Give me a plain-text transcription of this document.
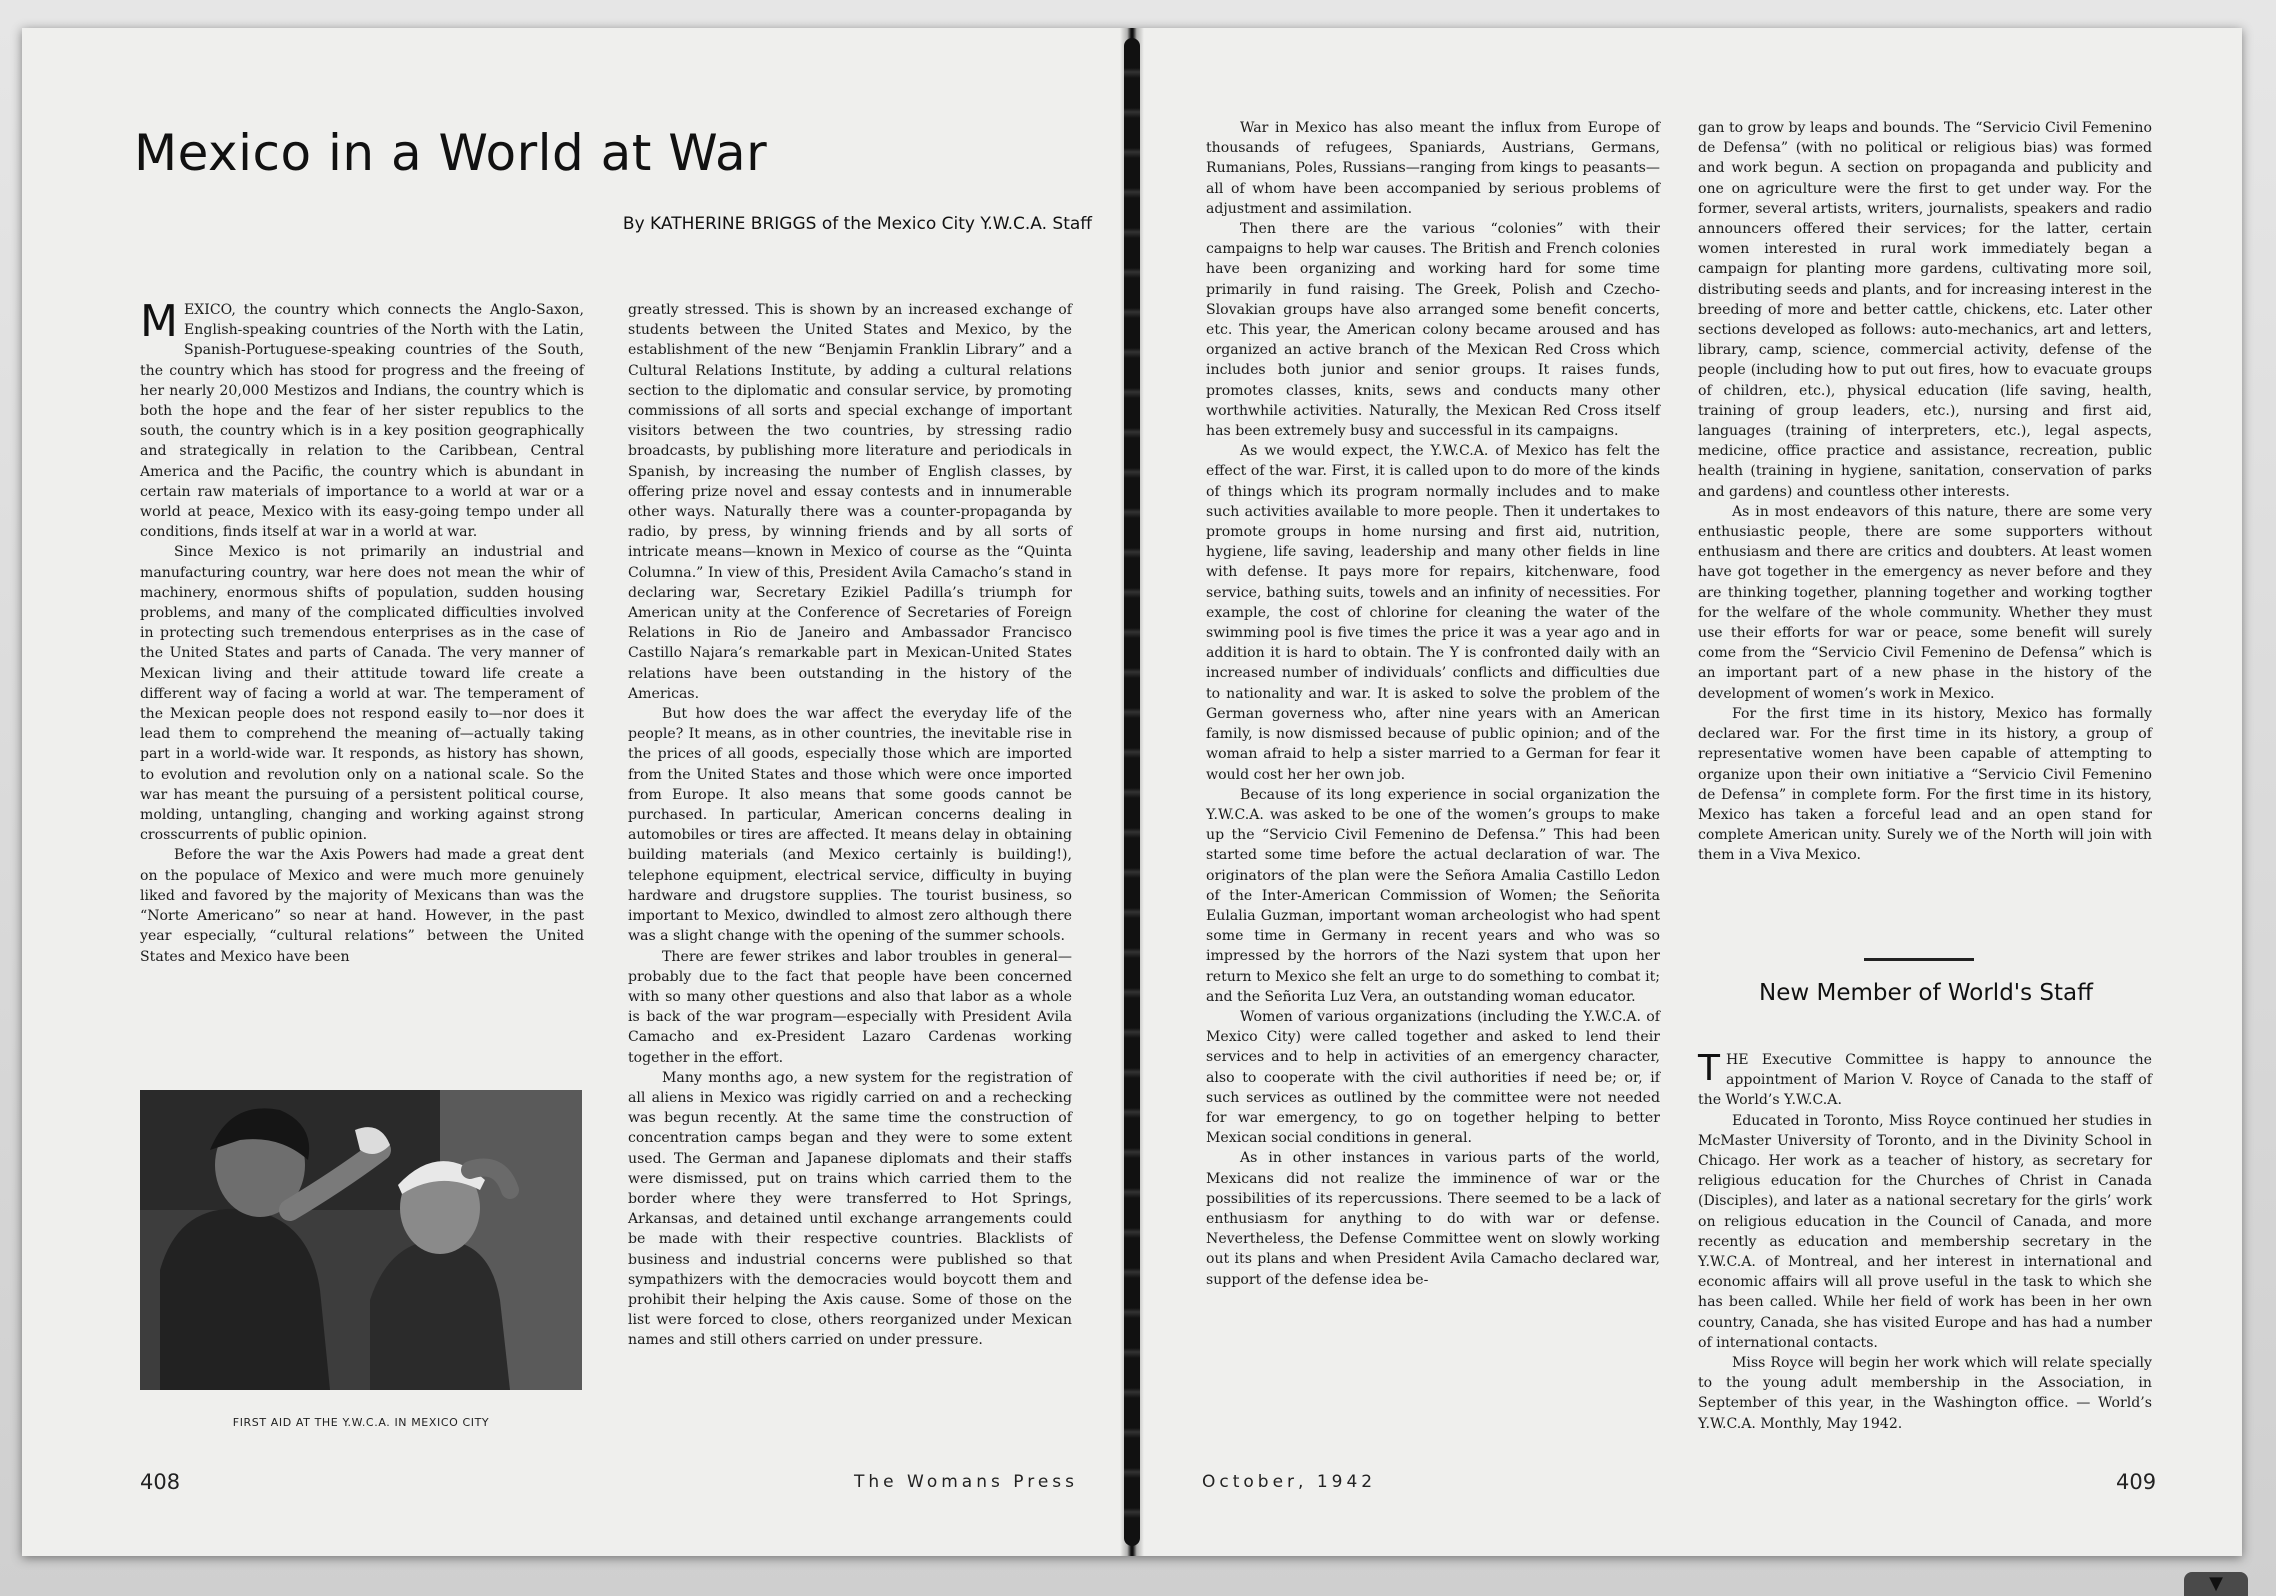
Mexico in a World at War

By KATHERINE BRIGGS of the Mexico City Y.W.C.A. Staff

MEXICO, the country which connects the Anglo-Saxon, English-speaking countries of the North with the Latin, Spanish-Portuguese-speaking countries of the South, the country which has stood for progress and the freeing of her nearly 20,000 Mestizos and Indians, the country which is both the hope and the fear of her sister republics to the south, the country which is in a key position geographically and strategically in relation to the Caribbean, Central America and the Pacific, the country which is abundant in certain raw materials of importance to a world at war or a world at peace, Mexico with its easy-going tempo under all conditions, finds itself at war in a world at war.

Since Mexico is not primarily an industrial and manufacturing country, war here does not mean the whir of machinery, enormous shifts of population, sudden housing problems, and many of the complicated difficulties involved in protecting such tremendous enterprises as in the case of the United States and parts of Canada. The very manner of Mexican living and their attitude toward life create a different way of facing a world at war. The temperament of the Mexican people does not respond easily to—nor does it lead them to comprehend the meaning of—actually taking part in a world-wide war. It responds, as history has shown, to evolution and revolution only on a national scale. So the war has meant the pursuing of a persistent political course, molding, untangling, changing and working against strong crosscurrents of public opinion.

Before the war the Axis Powers had made a great dent on the populace of Mexico and were much more genuinely liked and favored by the majority of Mexicans than was the “Norte Americano” so near at hand. However, in the past year especially, “cultural relations” between the United States and Mexico have been

FIRST AID AT THE Y.W.C.A. IN MEXICO CITY

greatly stressed. This is shown by an increased exchange of students between the United States and Mexico, by the establishment of the new “Benjamin Franklin Library” and a Cultural Relations Institute, by adding a cultural relations section to the diplomatic and consular service, by promoting commissions of all sorts and special exchange of important visitors between the two countries, by stressing radio broadcasts, by publishing more literature and periodicals in Spanish, by increasing the number of English classes, by offering prize novel and essay contests and in innumerable other ways. Naturally there was a counter-propaganda by radio, by press, by winning friends and by all sorts of intricate means—known in Mexico of course as the “Quinta Columna.” In view of this, President Avila Camacho’s stand in declaring war, Secretary Ezikiel Padilla’s triumph for American unity at the Conference of Secretaries of Foreign Relations in Rio de Janeiro and Ambassador Francisco Castillo Najara’s remarkable part in Mexican-United States relations have been outstanding in the history of the Americas.

But how does the war affect the everyday life of the people? It means, as in other countries, the inevitable rise in the prices of all goods, especially those which are imported from the United States and those which were once imported from Europe. It also means that some goods cannot be purchased. In particular, American concerns dealing in automobiles or tires are affected. It means delay in obtaining building materials (and Mexico certainly is building!), telephone equipment, electrical service, difficulty in buying hardware and drugstore supplies. The tourist business, so important to Mexico, dwindled to almost zero although there was a slight change with the opening of the summer schools.

There are fewer strikes and labor troubles in general—probably due to the fact that people have been concerned with so many other questions and also that labor as a whole is back of the war program—especially with President Avila Camacho and ex-President Lazaro Cardenas working together in the effort.

Many months ago, a new system for the registration of all aliens in Mexico was rigidly carried on and a rechecking was begun recently. At the same time the construction of concentration camps began and they were to some extent used. The German and Japanese diplomats and their staffs were dismissed, put on trains which carried them to the border where they were transferred to Hot Springs, Arkansas, and detained until exchange arrangements could be made with their respective countries. Blacklists of business and industrial concerns were published so that sympathizers with the democracies would boycott them and prohibit their helping the Axis cause. Some of those on the list were forced to close, others reorganized under Mexican names and still others carried on under pressure.

408	The Womans Press

War in Mexico has also meant the influx from Europe of thousands of refugees, Spaniards, Austrians, Germans, Rumanians, Poles, Russians—ranging from kings to peasants—all of whom have been accompanied by serious problems of adjustment and assimilation.

Then there are the various “colonies” with their campaigns to help war causes. The British and French colonies have been organizing and working hard for some time primarily in fund raising. The Greek, Polish and Czecho-Slovakian groups have also arranged some benefit concerts, etc. This year, the American colony became aroused and has organized an active branch of the Mexican Red Cross which includes both junior and senior groups. It raises funds, promotes classes, knits, sews and conducts many other worthwhile activities. Naturally, the Mexican Red Cross itself has been extremely busy and successful in its campaigns.

As we would expect, the Y.W.C.A. of Mexico has felt the effect of the war. First, it is called upon to do more of the kinds of things which its program normally includes and to make such activities available to more people. Then it undertakes to promote groups in home nursing and first aid, nutrition, hygiene, life saving, leadership and many other fields in line with defense. It pays more for repairs, kitchenware, food service, bathing suits, towels and an infinity of necessities. For example, the cost of chlorine for cleaning the water of the swimming pool is five times the price it was a year ago and in addition it is hard to obtain. The Y is confronted daily with an increased number of individuals’ conflicts and difficulties due to nationality and war. It is asked to solve the problem of the German governess who, after nine years with an American family, is now dismissed because of public opinion; and of the woman afraid to help a sister married to a German for fear it would cost her her own job.

Because of its long experience in social organization the Y.W.C.A. was asked to be one of the women’s groups to make up the “Servicio Civil Femenino de Defensa.” This had been started some time before the actual declaration of war. The originators of the plan were the Señora Amalia Castillo Ledon of the Inter-American Commission of Women; the Señorita Eulalia Guzman, important woman archeologist who had spent some time in Germany in recent years and who was so impressed by the horrors of the Nazi system that upon her return to Mexico she felt an urge to do something to combat it; and the Señorita Luz Vera, an outstanding woman educator.

Women of various organizations (including the Y.W.C.A. of Mexico City) were called together and asked to lend their services and to help in activities of an emergency character, also to cooperate with the civil authorities if need be; or, if such services as outlined by the committee were not needed for war emergency, to go on together helping to better Mexican social conditions in general.

As in other instances in various parts of the world, Mexicans did not realize the imminence of war or the possibilities of its repercussions. There seemed to be a lack of enthusiasm for anything to do with war or defense. Nevertheless, the Defense Committee went on slowly working out its plans and when President Avila Camacho declared war, support of the defense idea be-

gan to grow by leaps and bounds. The “Servicio Civil Femenino de Defensa” (with no political or religious bias) was formed and work begun. A section on propaganda and publicity and one on agriculture were the first to get under way. For the former, several artists, writers, journalists, speakers and radio announcers offered their services; for the latter, certain women interested in rural work immediately began a campaign for planting more gardens, cultivating more soil, distributing seeds and plants, and for increasing interest in the breeding of more and better cattle, chickens, etc. Later other sections developed as follows: auto-mechanics, art and letters, library, camp, science, commercial activity, defense of the people (including how to put out fires, how to evacuate groups of children, etc.), physical education (life saving, health, training of group leaders, etc.), nursing and first aid, languages (training of interpreters, etc.), legal aspects, medicine, office practice and assistance, recreation, public health (training in hygiene, sanitation, conservation of parks and gardens) and countless other interests.

As in most endeavors of this nature, there are some very enthusiastic people, there are some supporters without enthusiasm and there are critics and doubters. At least women have got together in the emergency as never before and they are thinking together, planning together and working togther for the welfare of the whole community. Whether they must use their efforts for war or peace, some benefit will surely come from the “Servicio Civil Femenino de Defensa” which is an important part of a new phase in the history of the development of women’s work in Mexico.

For the first time in its history, Mexico has formally declared war. For the first time in its history, a group of representative women have been capable of attempting to organize upon their own initiative a “Servicio Civil Femenino de Defensa” in complete form. For the first time in its history, Mexico has taken a forceful lead and an open stand for complete American unity. Surely we of the North will join with them in a Viva Mexico.

THE Executive Committee is happy to announce the appointment of Marion V. Royce of Canada to the staff of the World’s Y.W.C.A.

Educated in Toronto, Miss Royce continued her studies in McMaster University of Toronto, and in the Divinity School in Chicago. Her work as a teacher of history, as secretary for religious education for the Churches of Christ in Canada (Disciples), and later as a national secretary for the girls’ work on religious education in the Council of Canada, and more recently as education and membership secretary in the Y.W.C.A. of Montreal, and her interest in international and economic affairs will all prove useful in the task to which she has been called. While her field of work has been in her own country, Canada, she has visited Europe and has had a number of international contacts.

Miss Royce will begin her work which will relate specially to the young adult membership in the Association, in September of this year, in the Washington office. — World’s Y.W.C.A. Monthly, May 1942.

October, 1942	409

New Member of World's Staff

▼
